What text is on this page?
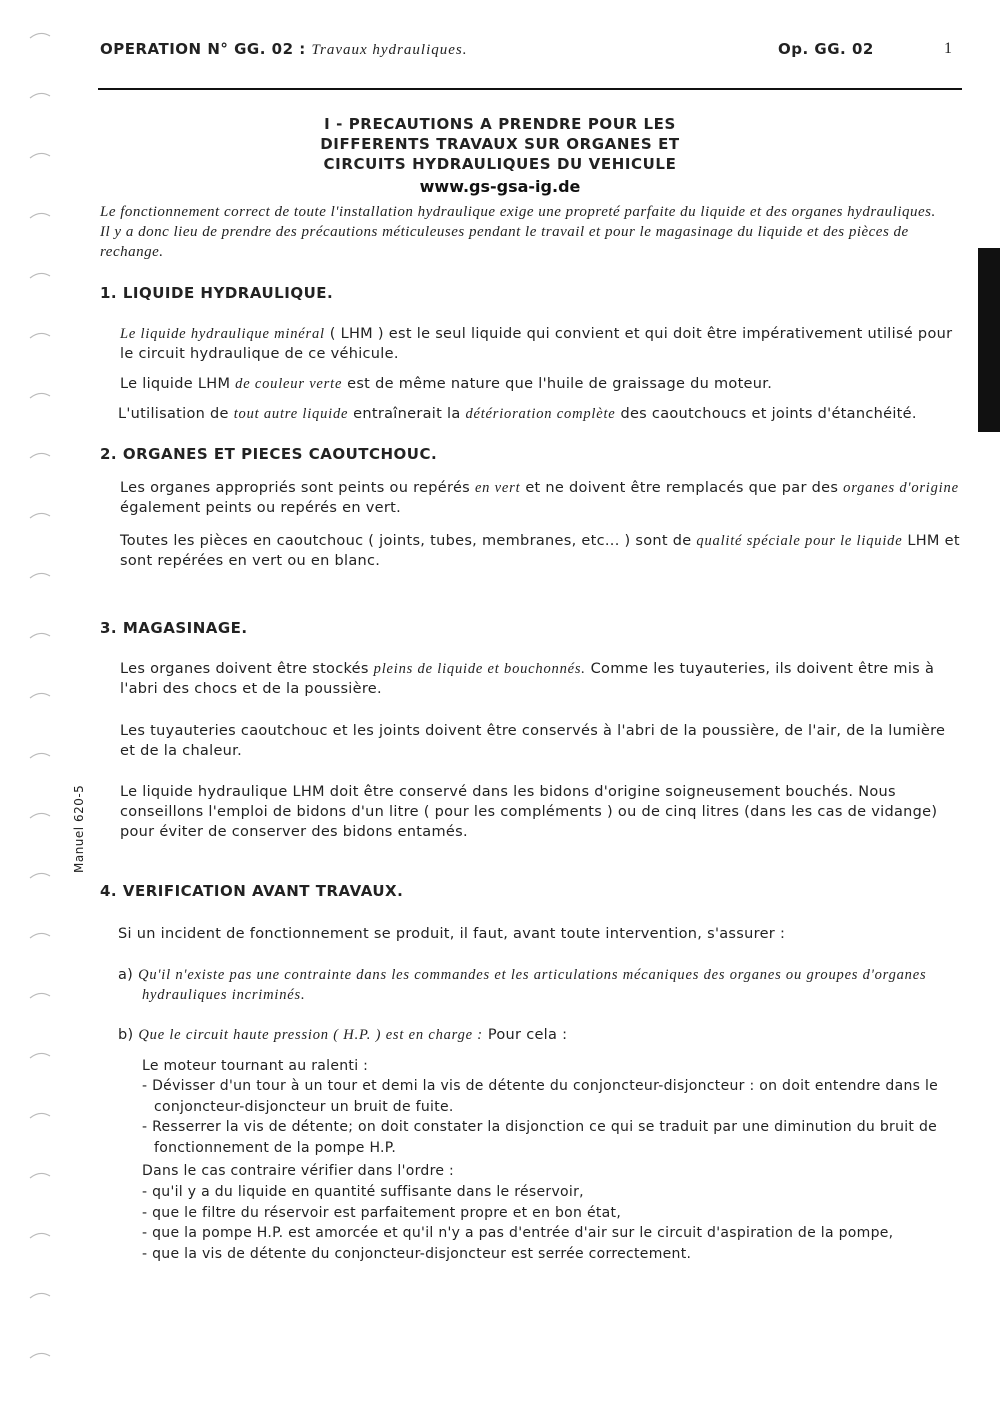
OPERATION N° GG. 02 : Travaux hydrauliques.	Op. GG. 02	1
I - PRECAUTIONS A PRENDRE POUR LES
DIFFERENTS TRAVAUX SUR ORGANES ET
CIRCUITS HYDRAULIQUES DU VEHICULE
www.gs-gsa-ig.de
Le fonctionnement correct de toute l'installation hydraulique exige une propreté parfaite du liquide et des organes hydrauliques. Il y a donc lieu de prendre des précautions méticuleuses pendant le travail et pour le magasinage du liquide et des pièces de rechange.
1. LIQUIDE HYDRAULIQUE.
Le liquide hydraulique minéral ( LHM ) est le seul liquide qui convient et qui doit être impérativement utilisé pour le circuit hydraulique de ce véhicule.
Le liquide LHM de couleur verte est de même nature que l'huile de graissage du moteur.
L'utilisation de tout autre liquide entraînerait la détérioration complète des caoutchoucs et joints d'étanchéité.
2. ORGANES ET PIECES CAOUTCHOUC.
Les organes appropriés sont peints ou repérés en vert et ne doivent être remplacés que par des organes d'origine également peints ou repérés en vert.
Toutes les pièces en caoutchouc ( joints, tubes, membranes, etc... ) sont de qualité spéciale pour le liquide LHM et sont repérées en vert ou en blanc.
3. MAGASINAGE.
Les organes doivent être stockés pleins de liquide et bouchonnés. Comme les tuyauteries, ils doivent être mis à l'abri des chocs et de la poussière.
Les tuyauteries caoutchouc et les joints doivent être conservés à l'abri de la poussière, de l'air, de la lumière et de la chaleur.
Le liquide hydraulique LHM doit être conservé dans les bidons d'origine soigneusement bouchés. Nous conseillons l'emploi de bidons d'un litre ( pour les compléments ) ou de cinq litres (dans les cas de vidange) pour éviter de conserver des bidons entamés.
Manuel 620-5
4. VERIFICATION AVANT TRAVAUX.
Si un incident de fonctionnement se produit, il faut, avant toute intervention, s'assurer :
a) Qu'il n'existe pas une contrainte dans les commandes et les articulations mécaniques des organes ou groupes d'organes hydrauliques incriminés.
b) Que le circuit haute pression ( H.P. ) est en charge : Pour cela :
Le moteur tournant au ralenti :
- Dévisser d'un tour à un tour et demi la vis de détente du conjoncteur-disjoncteur : on doit entendre dans le conjoncteur-disjoncteur un bruit de fuite.
- Resserrer la vis de détente; on doit constater la disjonction ce qui se traduit par une diminution du bruit de fonctionnement de la pompe H.P.
Dans le cas contraire vérifier dans l'ordre :
- qu'il y a du liquide en quantité suffisante dans le réservoir,
- que le filtre du réservoir est parfaitement propre et en bon état,
- que la pompe H.P. est amorcée et qu'il n'y a pas d'entrée d'air sur le circuit d'aspiration de la pompe,
- que la vis de détente du conjoncteur-disjoncteur est serrée correctement.
